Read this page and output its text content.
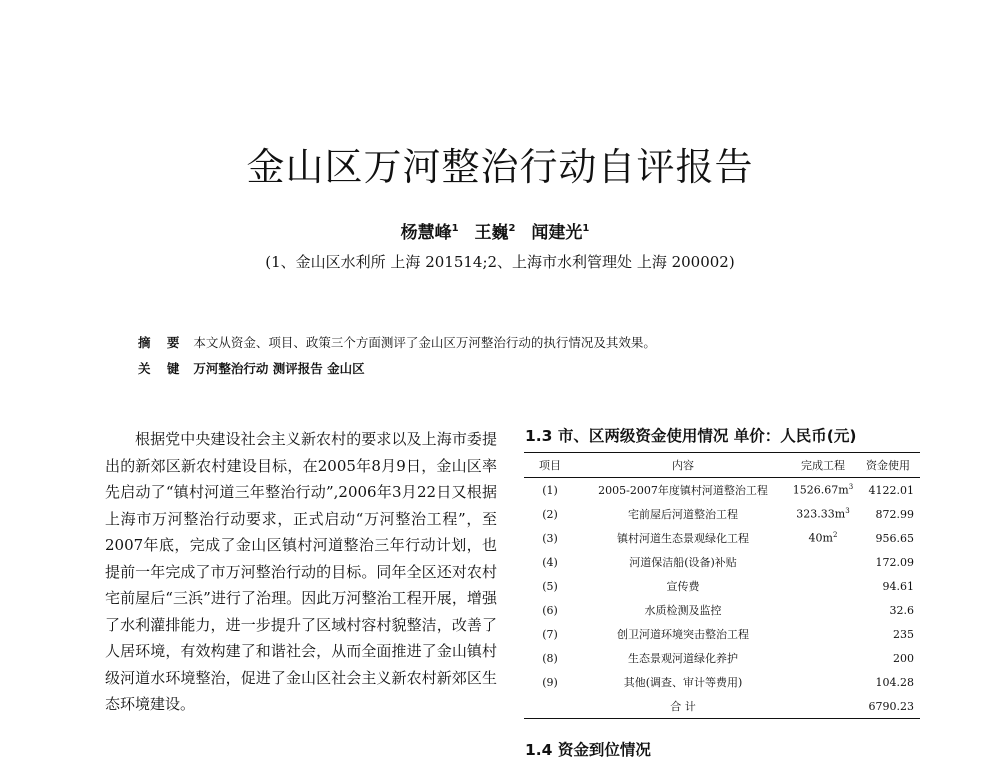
金山区万河整治行动自评报告
杨慧峰$^1$ 王巍$^2$ 闻建光$^1$
(1、金山区水利所 上海 201514;2、上海市水利管理处 上海 200002)
摘 要 本文从资金、项目、政策三个方面测评了金山区万河整治行动的执行情况及其效果。
关 键 万河整治行动 测评报告 金山区

根据党中央建设社会主义新农村的要求以及上海市委提出的新郊区新农村建设目标，在2005年8月9日，金山区率先启动了“镇村河道三年整治行动”,2006年3月22日又根据上海市万河整治行动要求，正式启动“万河整治工程”，至2007年底，完成了金山区镇村河道整治三年行动计划，也提前一年完成了市万河整治行动的目标。同年全区还对农村宅前屋后“三浜”进行了治理。因此万河整治工程开展，增强了水利灌排能力，进一步提升了区域村容村貌整洁，改善了人居环境，有效构建了和谐社会，从而全面推进了金山镇村级河道水环境整治，促进了金山区社会主义新农村新郊区生态环境建设。

1.3 市、区两级资金使用情况 单价：人民币(元)
项目	内容	完成工程	资金使用
(1)	2005-2007年度镇村河道整治工程	$1526.67m^3$	4122.01
(2)	宅前屋后河道整治工程	$323.33m^3$	872.99
(3)	镇村河道生态景观绿化工程	$40m^2$	956.65
(4)	河道保洁船(设备)补贴		172.09
(5)	宣传费		94.61
(6)	水质检测及监控		32.6
(7)	创卫河道环境突击整治工程		235
(8)	生态景观河道绿化养护		200
(9)	其他(调查、审计等费用)		104.28
	合 计		6790.23
1.4 资金到位情况
